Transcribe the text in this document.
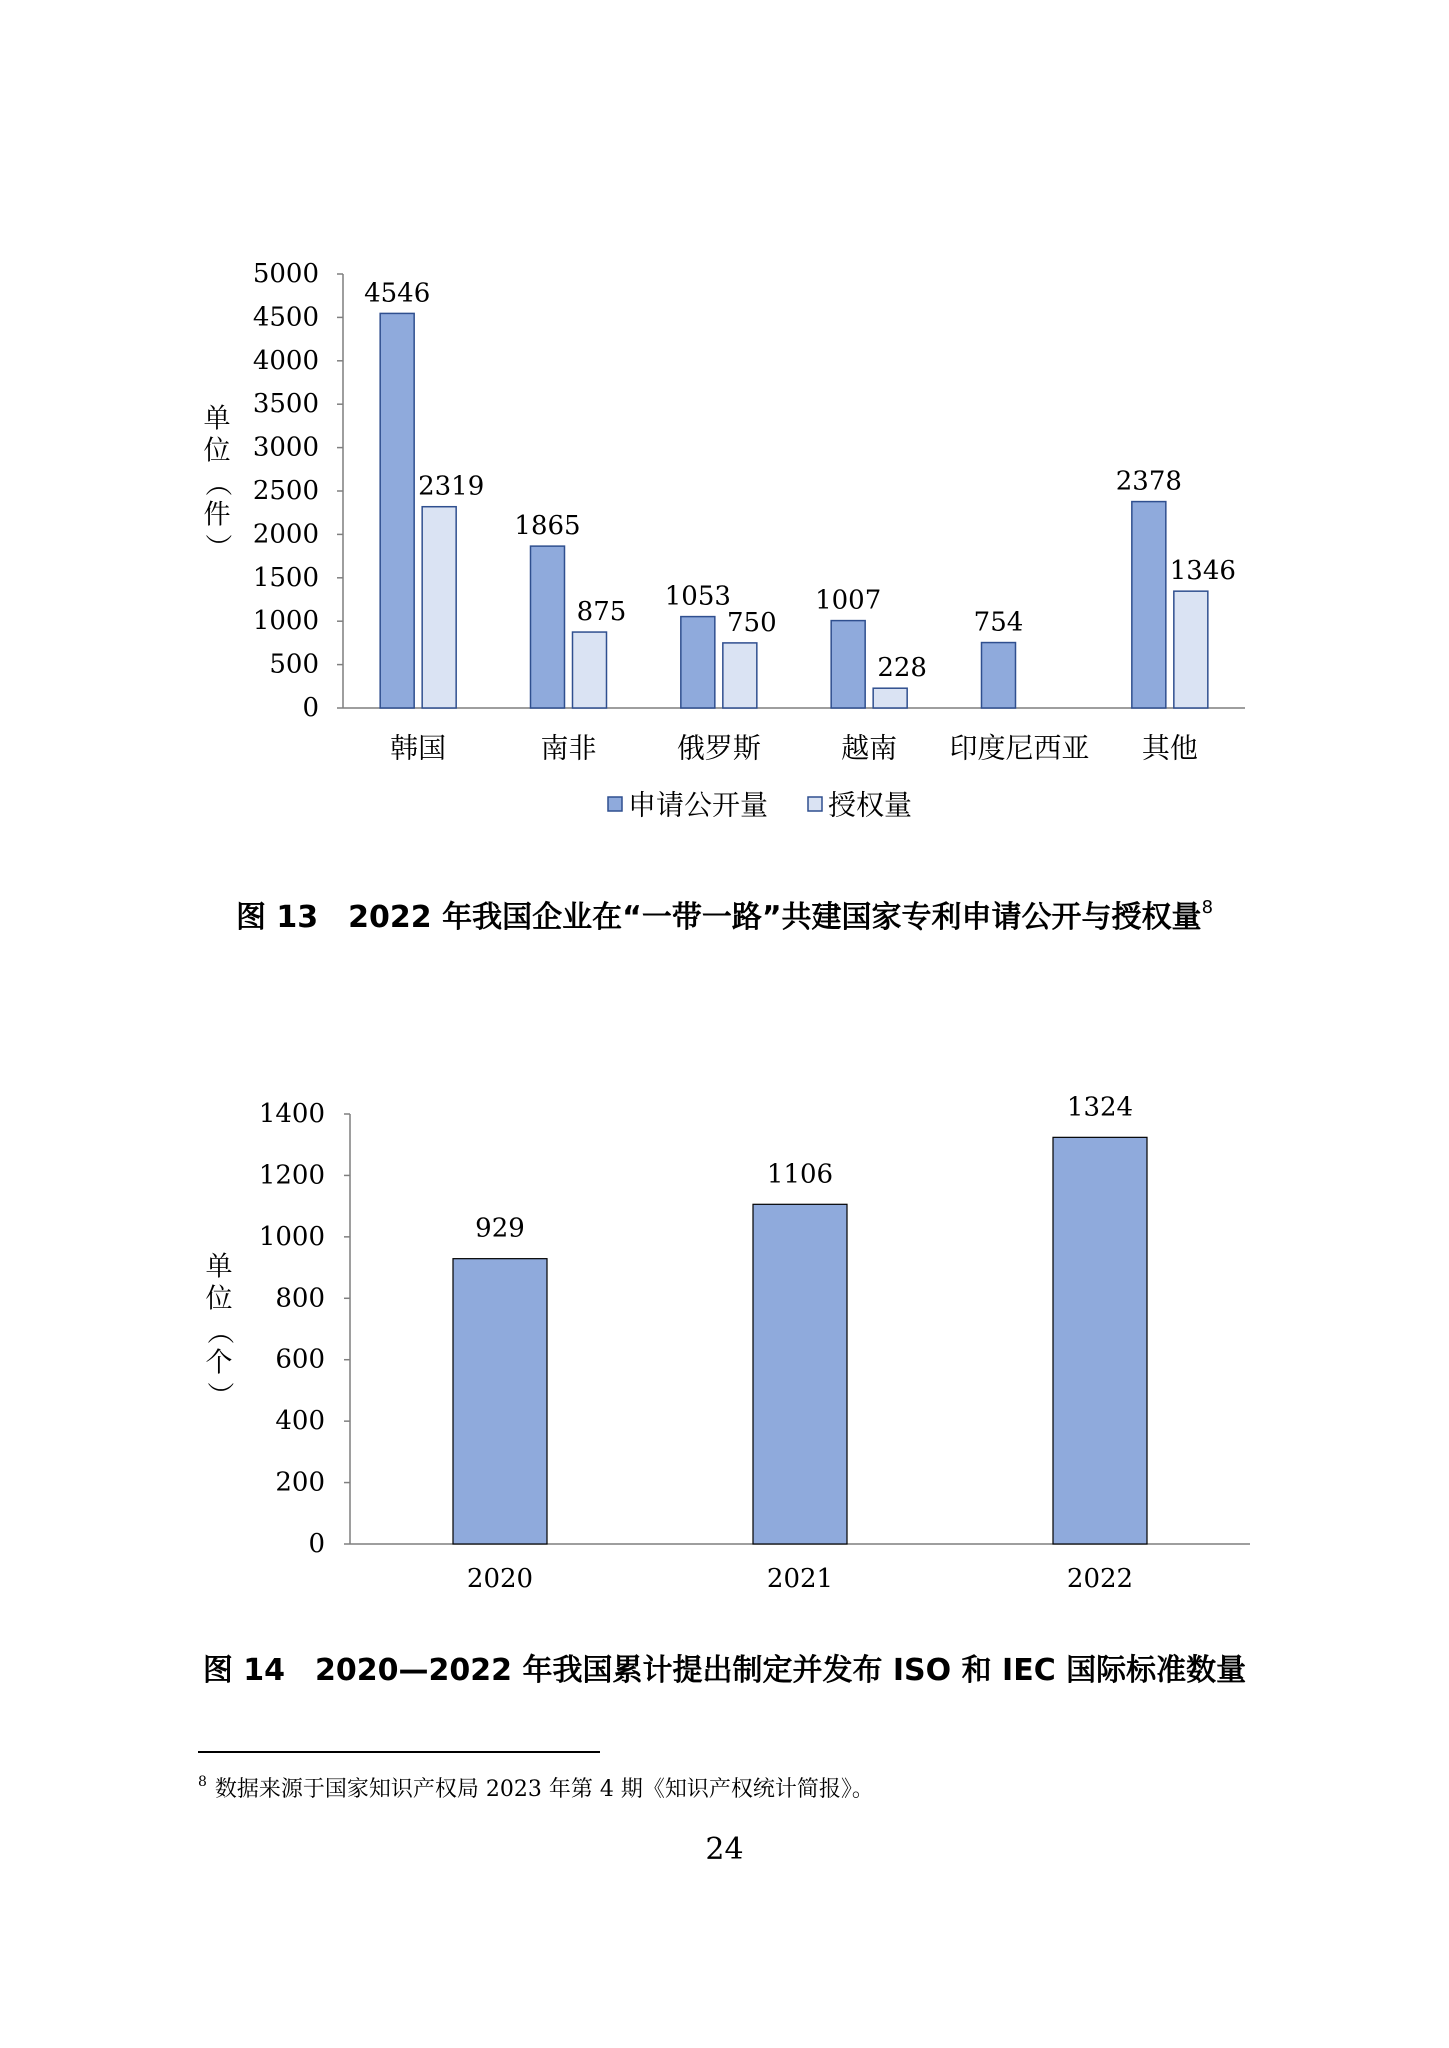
0
500
1000
1500
2000
2500
3000
3500
4000
4500
5000
4546
2319
1865
875
1053
750
1007
228
754
2378
1346
韩国	南非	俄罗斯	越南 印度尼西亚 其他
单
位
（
件
）
申请公开量 授权量
图 13　2022 年我国企业在“一带一路”共建国家专利申请公开与授权量$^8$
0
200
400
600
800
1000
1200
1400
929
1106
1324
2020	2021	2022
单
位
（
个
）
图 14　2020—2022 年我国累计提出制定并发布 ISO 和 IEC 国际标准数量
$^8$ 数据来源于国家知识产权局 2023 年第 4 期《知识产权统计简报》。
24
